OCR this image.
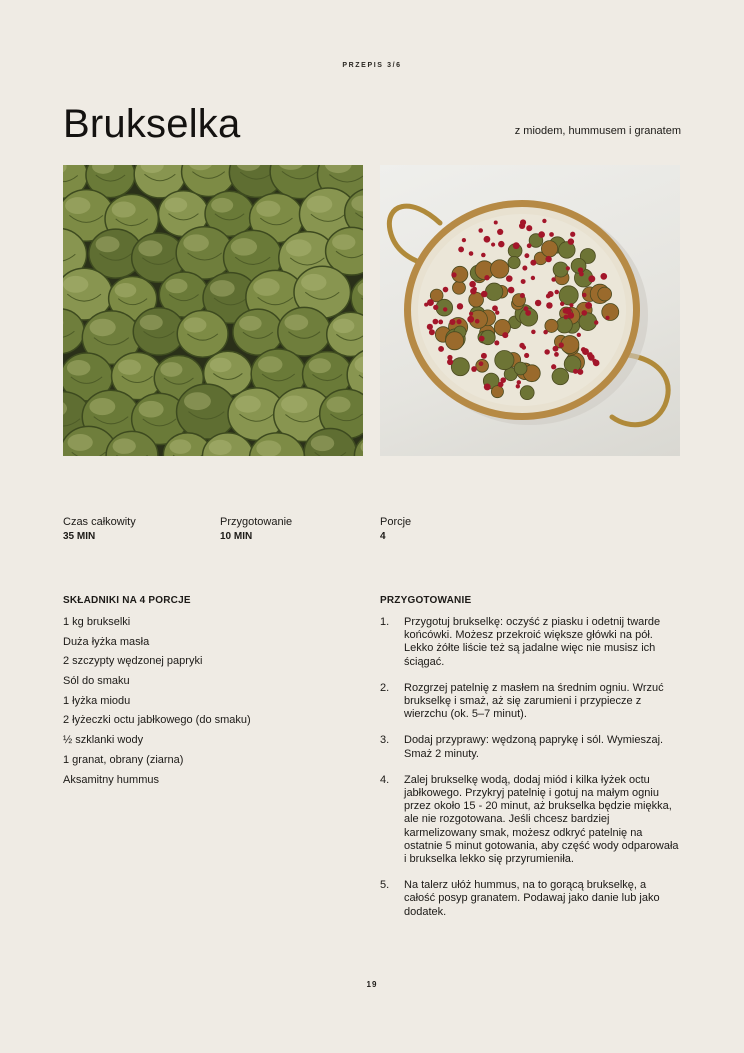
PRZEPIS 3/6
Brukselka	z miodem, hummusem i granatem
Czas całkowity
35 MIN
Przygotowanie
10 MIN
Porcje
4
SKŁADNIKI NA 4 PORCJE
1 kg brukselki
Duża łyżka masła
2 szczypty wędzonej papryki
Sól do smaku
1 łyżka miodu
2 łyżeczki octu jabłkowego (do smaku)
½ szklanki wody
1 granat, obrany (ziarna)
Aksamitny hummus
PRZYGOTOWANIE
1.	Przygotuj brukselkę: oczyść z piasku i odetnij twarde końcówki. Możesz przekroić większe główki na pół. Lekko żółte liście też są jadalne więc nie musisz ich ściągać.
2.	Rozgrzej patelnię z masłem na średnim ogniu. Wrzuć brukselkę i smaż, aż się zarumieni i przypiecze z wierzchu (ok. 5–7 minut).
3.	Dodaj przyprawy: wędzoną paprykę i sól. Wymieszaj. Smaż 2 minuty.
4.	Zalej brukselkę wodą, dodaj miód i kilka łyżek octu jabłkowego. Przykryj patelnię i gotuj na małym ogniu przez około 15 - 20 minut, aż brukselka będzie miękka, ale nie rozgotowana. Jeśli chcesz bardziej karmelizowany smak, możesz odkryć patelnię na ostatnie 5 minut gotowania, aby część wody odparowała i brukselka lekko się przyrumieniła.
5.	Na talerz ułóż hummus, na to gorącą brukselkę, a całość posyp granatem. Podawaj jako danie lub jako dodatek.
19
